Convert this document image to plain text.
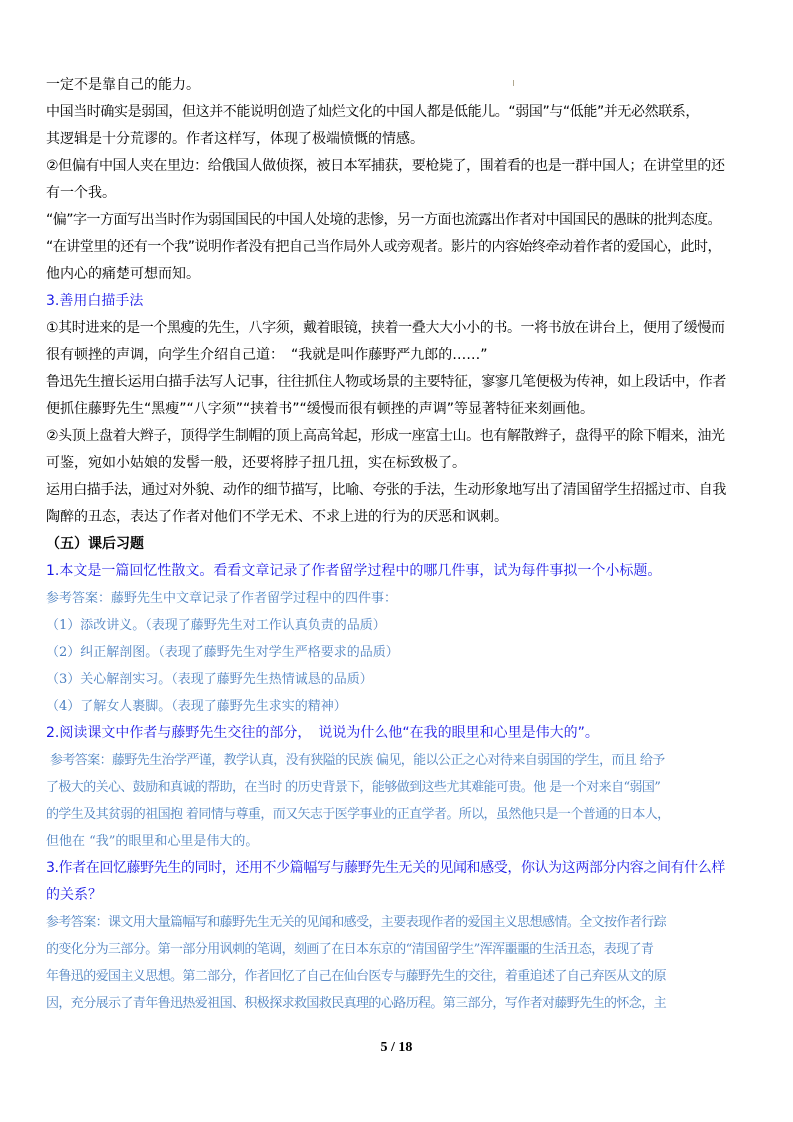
一定不是靠自己的能力。

中国当时确实是弱国，但这并不能说明创造了灿烂文化的中国人都是低能儿。“弱国”与“低能”并无必然联系，

其逻辑是十分荒谬的。作者这样写，体现了极端愤慨的情感。

②但偏有中国人夹在里边：给俄国人做侦探，被日本军捕获，要枪毙了，围着看的也是一群中国人；在讲堂里的还

有一个我。

“偏”字一方面写出当时作为弱国国民的中国人处境的悲惨，另一方面也流露出作者对中国国民的愚昧的批判态度。

“在讲堂里的还有一个我”说明作者没有把自己当作局外人或旁观者。影片的内容始终牵动着作者的爱国心，此时，

他内心的痛楚可想而知。

3.善用白描手法

①其时进来的是一个黑瘦的先生，八字须，戴着眼镜，挟着一叠大大小小的书。一将书放在讲台上，便用了缓慢而

很有顿挫的声调，向学生介绍自己道：　“我就是叫作藤野严九郎的……”

鲁迅先生擅长运用白描手法写人记事，往往抓住人物或场景的主要特征，寥寥几笔便极为传神，如上段话中，作者

便抓住藤野先生“黑瘦”“八字须”“挟着书”“缓慢而很有顿挫的声调”等显著特征来刻画他。

②头顶上盘着大辫子，顶得学生制帽的顶上高高耸起，形成一座富士山。也有解散辫子，盘得平的除下帽来，油光

可鉴，宛如小姑娘的发髻一般，还要将脖子扭几扭，实在标致极了。

运用白描手法，通过对外貌、动作的细节描写，比喻、夸张的手法，生动形象地写出了清国留学生招摇过市、自我

陶醉的丑态，表达了作者对他们不学无术、不求上进的行为的厌恶和讽刺。

（五）课后习题

1.本文是一篇回忆性散文。看看文章记录了作者留学过程中的哪几件事，试为每件事拟一个小标题。

参考答案：藤野先生中文章记录了作者留学过程中的四件事：

（1）添改讲义。（表现了藤野先生对工作认真负责的品质）

（2）纠正解剖图。（表现了藤野先生对学生严格要求的品质）

（3）关心解剖实习。（表现了藤野先生热情诚恳的品质）

（4）了解女人裹脚。（表现了藤野先生求实的精神）

2.阅读课文中作者与藤野先生交往的部分，　说说为什么他“在我的眼里和心里是伟大的”。

参考答案：藤野先生治学严谨，教学认真，没有狭隘的民族 偏见，能以公正之心对待来自弱国的学生，而且 给予

了极大的关心、鼓励和真诚的帮助，在当时 的历史背景下，能够做到这些尤其难能可贵。他 是一个对来自“弱国”

的学生及其贫弱的祖国抱 着同情与尊重，而又矢志于医学事业的正直学者。所以，虽然他只是一个普通的日本人，

但他在 “我”的眼里和心里是伟大的。

3.作者在回忆藤野先生的同时，还用不少篇幅写与藤野先生无关的见闻和感受，你认为这两部分内容之间有什么样

的关系？

参考答案：课文用大量篇幅写和藤野先生无关的见闻和感受，主要表现作者的爱国主义思想感情。全文按作者行踪

的变化分为三部分。第一部分用讽刺的笔调，刻画了在日本东京的“清国留学生”浑浑噩噩的生活丑态，表现了青

年鲁迅的爱国主义思想。第二部分，作者回忆了自己在仙台医专与藤野先生的交往，着重追述了自己弃医从文的原

因，充分展示了青年鲁迅热爱祖国、积极探求救国救民真理的心路历程。第三部分，写作者对藤野先生的怀念，主

5 / 18
